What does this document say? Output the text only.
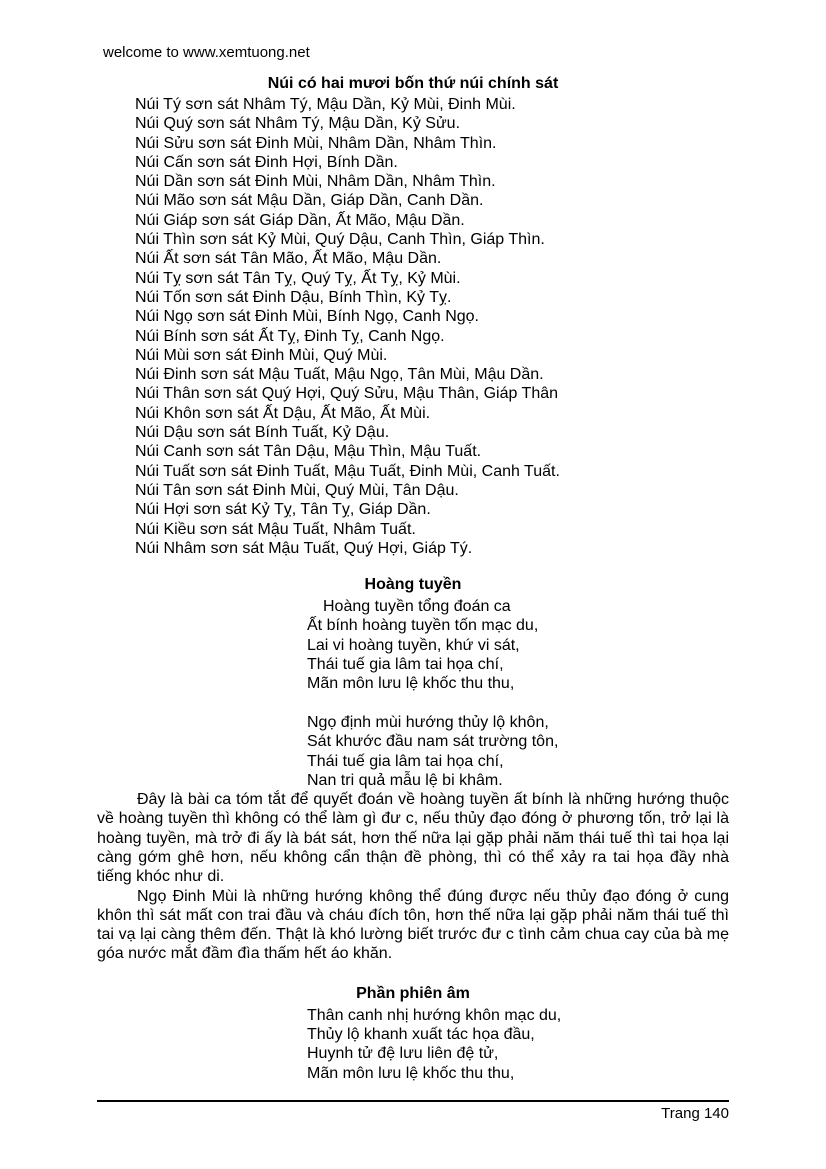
welcome to www.xemtuong.net
Núi có hai mươi bốn thứ núi chính sát
Núi Tý sơn sát Nhâm Tý, Mậu Dần, Kỷ Mùi, Đinh Mùi.
Núi Quý sơn sát Nhâm Tý, Mậu Dần, Kỷ Sửu.
Núi Sửu sơn sát Đinh Mùi, Nhâm Dần, Nhâm Thìn.
Núi Cấn sơn sát Đinh Hợi, Bính Dần.
Núi Dần sơn sát Đinh Mùi, Nhâm Dần, Nhâm Thìn.
Núi Mão sơn sát Mậu Dần, Giáp Dần, Canh Dần.
Núi Giáp sơn sát Giáp Dần, Ất Mão, Mậu Dần.
Núi Thìn sơn sát Kỷ Mùi, Quý Dậu, Canh Thìn, Giáp Thìn.
Núi Ất sơn sát Tân Mão, Ất Mão, Mậu Dần.
Núi Tỵ sơn sát Tân Tỵ, Quý Tỵ, Ất Tỵ, Kỷ Mùi.
Núi Tốn sơn sát Đinh Dậu, Bính Thìn, Kỷ Tỵ.
Núi Ngọ sơn sát Đinh Mùi, Bính Ngọ, Canh Ngọ.
Núi Bính sơn sát Ất Tỵ, Đinh Tỵ, Canh Ngọ.
Núi Mùi sơn sát Đinh Mùi, Quý Mùi.
Núi Đinh sơn sát Mậu Tuất, Mậu Ngọ, Tân Mùi, Mậu Dần.
Núi Thân sơn sát Quý Hợi, Quý Sửu, Mậu Thân, Giáp Thân
Núi Khôn sơn sát Ất Dậu, Ất Mão, Ất Mùi.
Núi Dậu sơn sát Bính Tuất, Kỷ Dậu.
Núi Canh sơn sát Tân Dậu, Mậu Thìn, Mậu Tuất.
Núi Tuất sơn sát Đinh Tuất, Mậu Tuất, Đinh Mùi, Canh Tuất.
Núi Tân sơn sát Đinh Mùi, Quý Mùi, Tân Dậu.
Núi Hợi sơn sát Kỷ Tỵ, Tân Tỵ, Giáp Dần.
Núi Kiều sơn sát Mậu Tuất, Nhâm Tuất.
Núi Nhâm sơn sát Mậu Tuất, Quý Hợi, Giáp Tý.
Hoàng tuyền
Hoàng tuyền tổng đoán ca
Ất bính hoàng tuyền tốn mạc du,
Lai vi hoàng tuyền, khứ vi sát,
Thái tuế gia lâm tai họa chí,
Mãn môn lưu lệ khốc thu thu,
Ngọ định mùi hướng thủy lộ khôn,
Sát khước đầu nam sát trường tôn,
Thái tuế gia lâm tai họa chí,
Nan tri quả mẫu lệ bi khâm.

Đây là bài ca tóm tắt để quyết đoán về hoàng tuyền ất bính là những hướng thuộc về hoàng tuyền thì không có thể làm gì đư c, nếu thủy đạo đóng ở phương tốn, trở lại là hoàng tuyền, mà trở đi ấy là bát sát, hơn thế nữa lại gặp phải năm thái tuế thì tai họa lại càng gớm ghê hơn, nếu không cẩn thận đề phòng, thì có thể xảy ra tai họa đầy nhà tiếng khóc như di.

Ngọ Đinh Mùi là những hướng không thể đúng được nếu thủy đạo đóng ở cung khôn thì sát mất con trai đầu và cháu đích tôn, hơn thế nữa lại gặp phải năm thái tuế thì tai vạ lại càng thêm đến. Thật là khó lường biết trước đư c tình cảm chua cay của bà mẹ góa nước mắt đầm đìa thấm hết áo khăn.

Phần phiên âm
Thân canh nhị hướng khôn mạc du,
Thủy lộ khanh xuất tác họa đầu,
Huynh tử đệ lưu liên đệ tử,
Mãn môn lưu lệ khốc thu thu,
Trang 140
